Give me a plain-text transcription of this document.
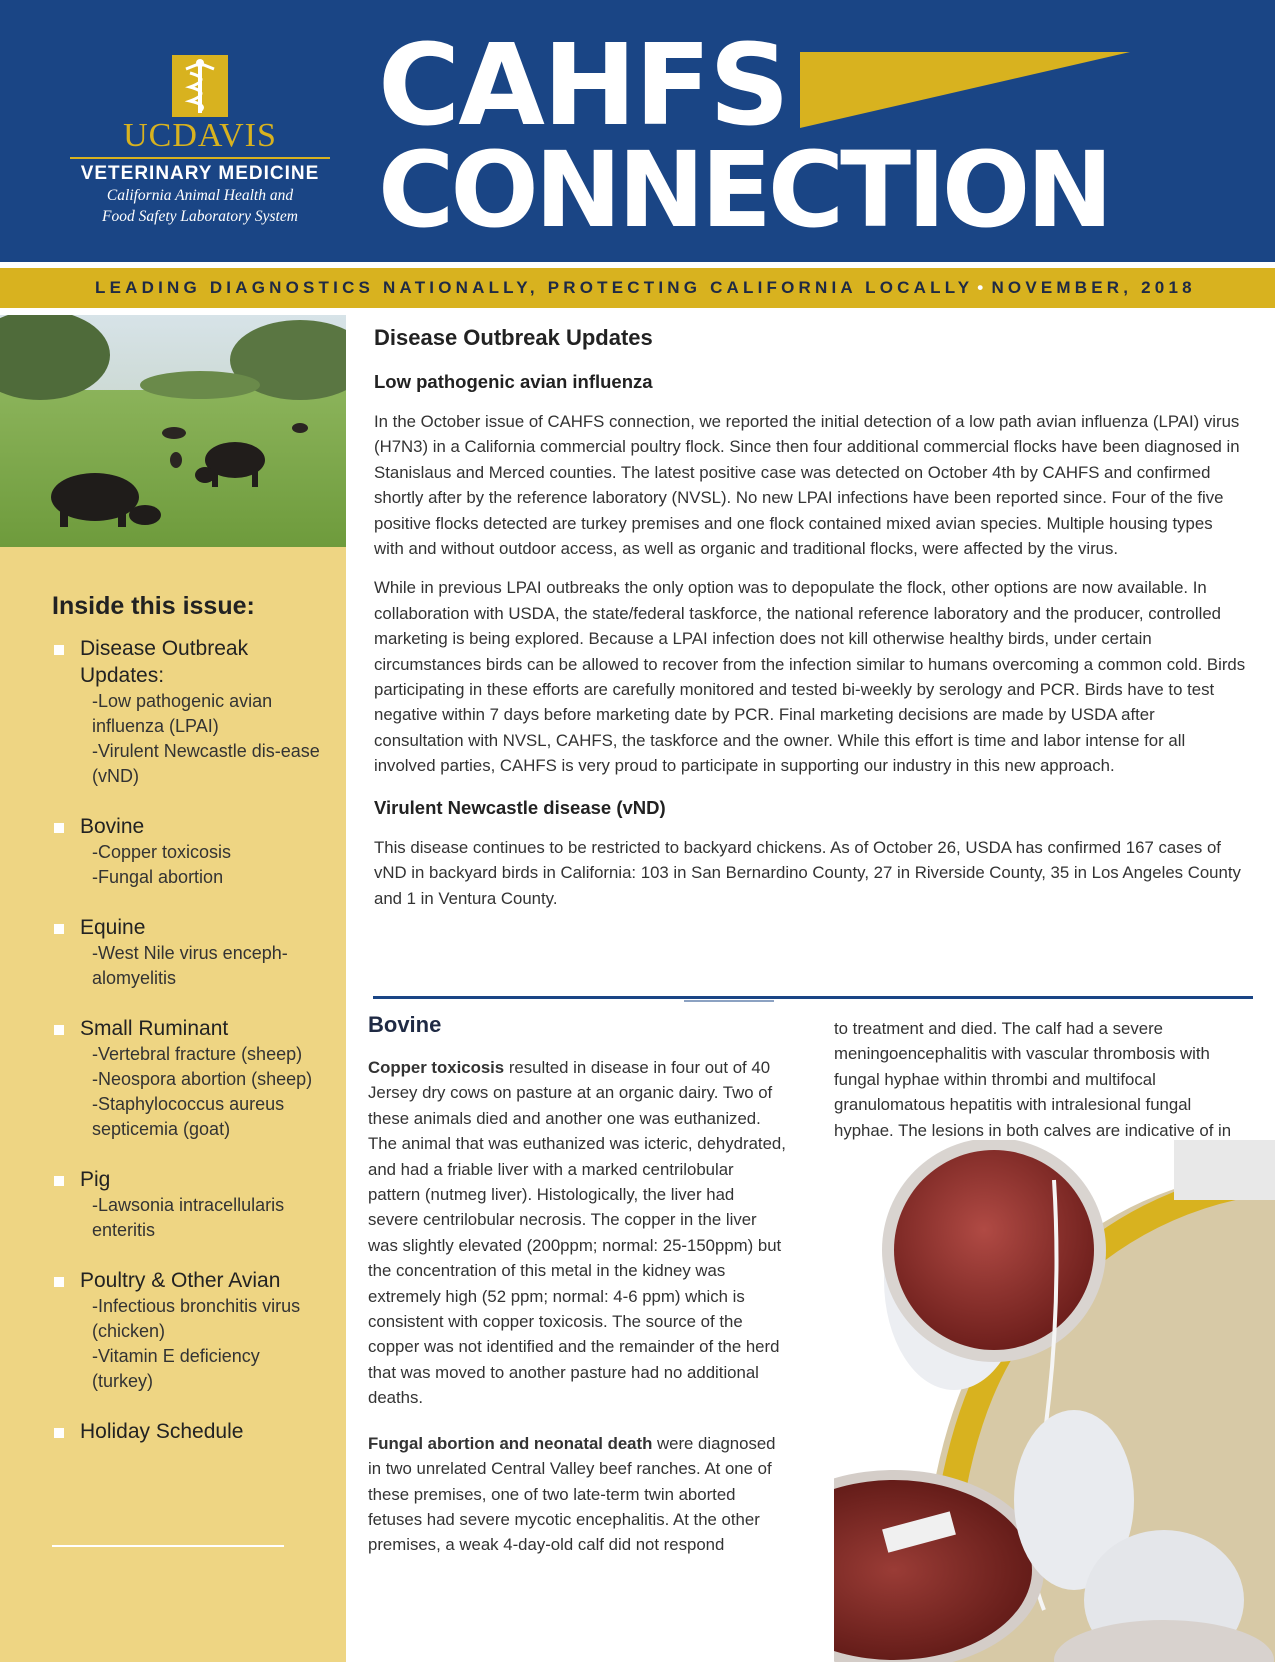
UCDAVIS
VETERINARY MEDICINE
California Animal Health and
Food Safety Laboratory System
CAHFS
CONNECTION
LEADING DIAGNOSTICS NATIONALLY, PROTECTING CALIFORNIA LOCALLY • NOVEMBER, 2018
Inside this issue:
Disease Outbreak Updates:
-Low pathogenic avian influenza (LPAI)
-Virulent Newcastle dis-ease (vND)
Bovine
-Copper toxicosis
-Fungal abortion
Equine
-West Nile virus enceph-alomyelitis
Small Ruminant
-Vertebral fracture (sheep)
-Neospora abortion (sheep)
-Staphylococcus aureus septicemia (goat)
Pig
-Lawsonia intracellularis enteritis
Poultry & Other Avian
-Infectious bronchitis virus (chicken)
-Vitamin E deficiency (turkey)
Holiday Schedule
Disease Outbreak Updates
Low pathogenic avian influenza

In the October issue of CAHFS connection, we reported the initial detection of a low path avian influenza (LPAI) virus (H7N3) in a California commercial poultry flock. Since then four additional commercial flocks have been diagnosed in Stanislaus and Merced counties. The latest positive case was detected on October 4th by CAHFS and confirmed shortly after by the reference laboratory (NVSL). No new LPAI infections have been reported since. Four of the five positive flocks detected are turkey premises and one flock contained mixed avian species. Multiple housing types with and without outdoor access, as well as organic and traditional flocks, were affected by the virus.

While in previous LPAI outbreaks the only option was to depopulate the flock, other options are now available. In collaboration with USDA, the state/federal taskforce, the national reference laboratory and the producer, controlled marketing is being explored. Because a LPAI infection does not kill otherwise healthy birds, under certain circumstances birds can be allowed to recover from the infection similar to humans overcoming a common cold. Birds participating in these efforts are carefully monitored and tested bi-weekly by serology and PCR. Birds have to test negative within 7 days before marketing date by PCR. Final marketing decisions are made by USDA after consultation with NVSL, CAHFS, the taskforce and the owner. While this effort is time and labor intense for all involved parties, CAHFS is very proud to participate in supporting our industry in this new approach.

Virulent Newcastle disease (vND)

This disease continues to be restricted to backyard chickens. As of October 26, USDA has confirmed 167 cases of vND in backyard birds in California: 103 in San Bernardino County, 27 in Riverside County, 35 in Los Angeles County and 1 in Ventura County.

Bovine

Copper toxicosis resulted in disease in four out of 40 Jersey dry cows on pasture at an organic dairy. Two of these animals died and another one was euthanized. The animal that was euthanized was icteric, dehydrated, and had a friable liver with a marked centrilobular pattern (nutmeg liver). Histologically, the liver had severe centrilobular necrosis. The copper in the liver was slightly elevated (200ppm; normal: 25-150ppm) but the concentration of this metal in the kidney was extremely high (52 ppm; normal: 4-6 ppm) which is consistent with copper toxicosis. The source of the copper was not identified and the remainder of the herd that was moved to another pasture had no additional deaths.

Fungal abortion and neonatal death were diagnosed in two unrelated Central Valley beef ranches. At one of these premises, one of two late-term twin aborted fetuses had severe mycotic encephalitis. At the other premises, a weak 4-day-old calf did not respond

to treatment and died. The calf had a severe meningoencephalitis with vascular thrombosis with fungal hyphae within thrombi and multifocal granulomatous hepatitis with intralesional fungal hyphae. The lesions in both calves are indicative of in
